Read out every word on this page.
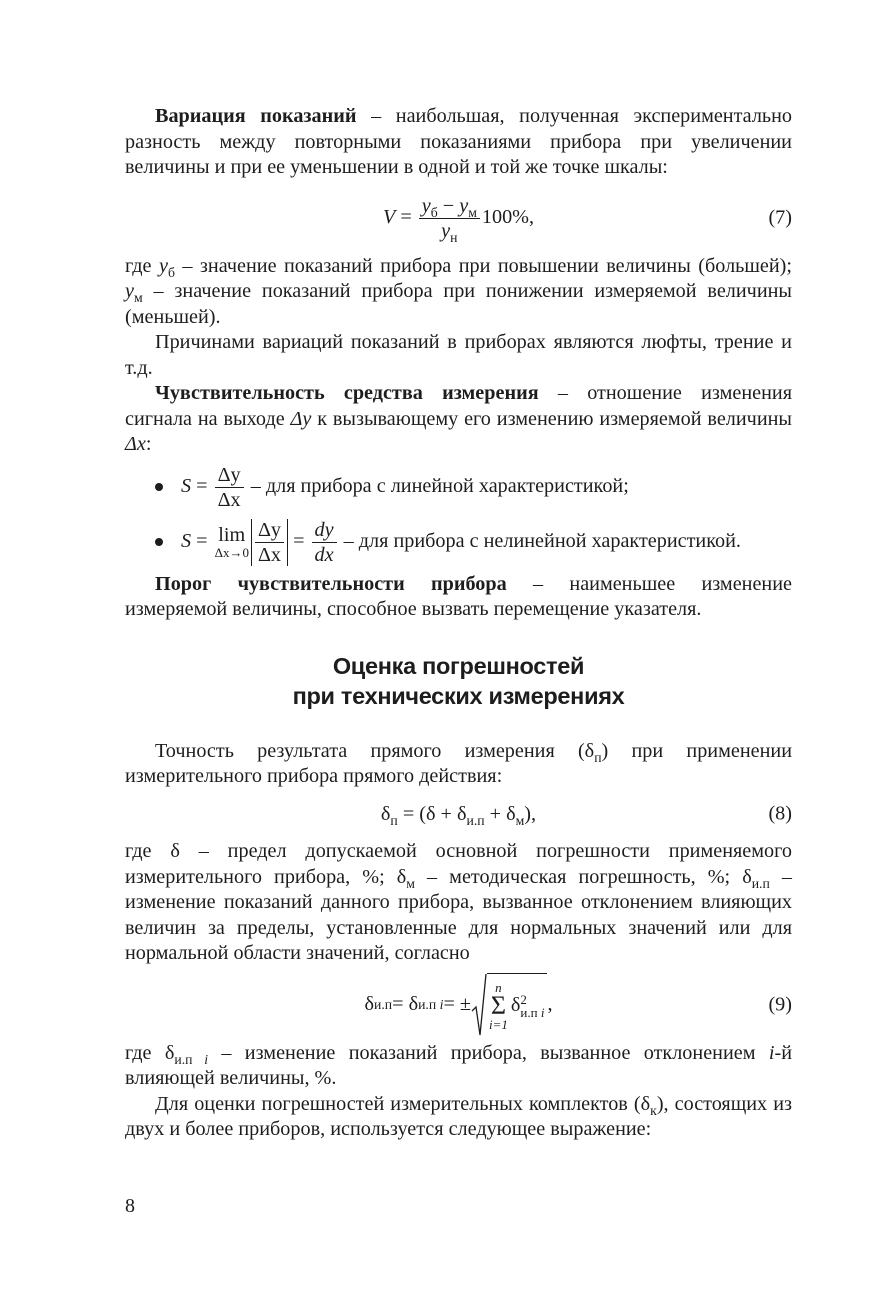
Вариация показаний – наибольшая, полученная экспериментально разность между повторными показаниями прибора при увеличении величины и при ее уменьшении в одной и той же точке шкалы:

$V = \frac{y_б - y_м}{y_н} 100\%$,	(7)

где $y_б$ – значение показаний прибора при повышении величины (большей); $y_м$ – значение показаний прибора при понижении измеряемой величины (меньшей).

Причинами вариаций показаний в приборах являются люфты, трение и т.д.

Чувствительность средства измерения – отношение изменения сигнала на выходе Δy к вызывающему его изменению измеряемой величины Δx:

$S = \frac{\Delta y}{\Delta x}$ – для прибора с линейной характеристикой;
S = lim
$\Delta x\to 0 \frac{\Delta y}{\Delta x} = \frac{dy}{dx}$ – для прибора с нелинейной характеристикой.

Порог чувствительности прибора – наименьшее изменение измеряемой величины, способное вызвать перемещение указателя.

Оценка погрешностей
при технических измерениях

Точность результата прямого измерения $(\delta_п)$ при применении измерительного прибора прямого действия:

$\delta_п = (\delta + \delta_{и.п} + \delta_м)$,	(8)

где δ – предел допускаемой основной погрешности применяемого измерительного прибора, %; $\delta_м$ – методическая погрешность, %; $\delta_{и.п}$ – изменение показаний данного прибора, вызванное отклонением влияющих величин за пределы, установленные для нормальных значений или для нормальной области значений, согласно

δ и.п = δ и.п i = ±
n
Σ
i=1
δ 2
и.п i ,	(9)

где $\delta_{и.п i}$ – изменение показаний прибора, вызванное отклонением i-й влияющей величины, %.

Для оценки погрешностей измерительных комплектов $(\delta_к)$, состоящих из двух и более приборов, используется следующее выражение:

8
